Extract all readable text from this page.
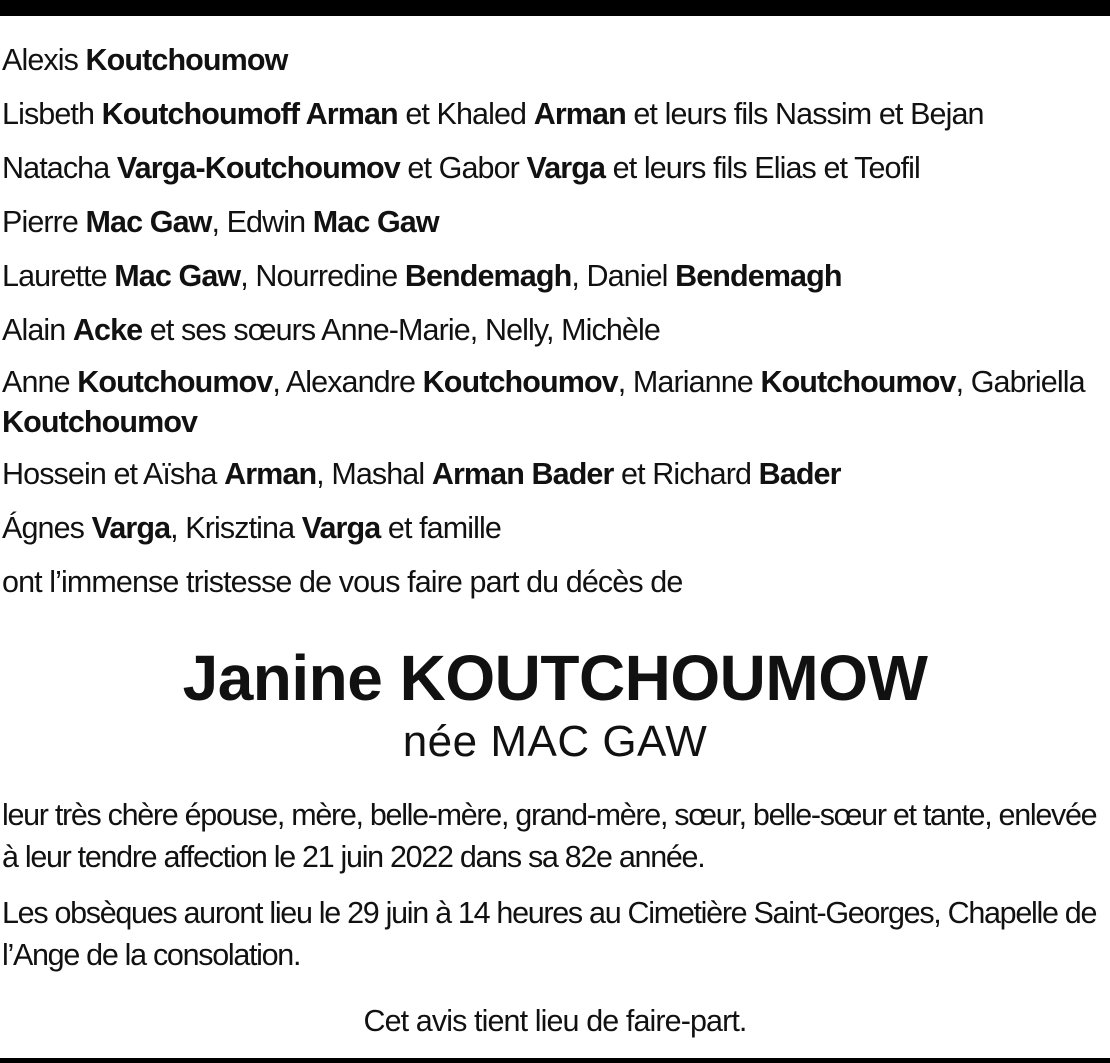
Alexis Koutchoumow
Lisbeth Koutchoumoff Arman et Khaled Arman et leurs fils Nassim et Bejan
Natacha Varga-Koutchoumov et Gabor Varga et leurs fils Elias et Teofil
Pierre Mac Gaw, Edwin Mac Gaw
Laurette Mac Gaw, Nourredine Bendemagh, Daniel Bendemagh
Alain Acke et ses sœurs Anne-Marie, Nelly, Michèle
Anne Koutchoumov, Alexandre Koutchoumov, Marianne Koutchoumov, Gabriella Koutchoumov
Hossein et Aïsha Arman, Mashal Arman Bader et Richard Bader
Ágnes Varga, Krisztina Varga et famille

ont l’immense tristesse de vous faire part du décès de

Janine KOUTCHOUMOW
née MAC GAW

leur très chère épouse, mère, belle-mère, grand-mère, sœur, belle-sœur et tante, enlevée à leur tendre affection le 21 juin 2022 dans sa 82e année.

Les obsèques auront lieu le 29 juin à 14 heures au Cimetière Saint-Georges, Chapelle de l’Ange de la consolation.

Cet avis tient lieu de faire-part.
